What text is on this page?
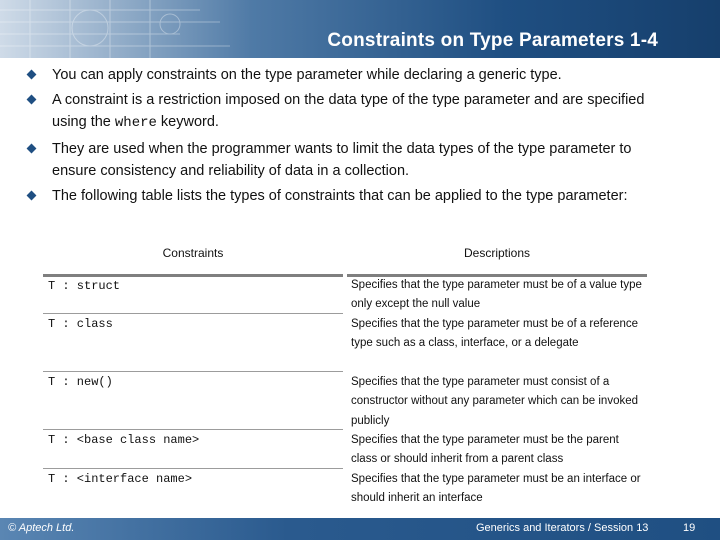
Constraints on Type Parameters 1-4
You can apply constraints on the type parameter while declaring a generic type.
A constraint is a restriction imposed on the data type of the type parameter and are specified using the where keyword.
They are used when the programmer wants to limit the data types of the type parameter to ensure consistency and reliability of data in a collection.
The following table lists the types of constraints that can be applied to the type parameter:
Constraints	Descriptions
T : struct	Specifies that the type parameter must be of a value type only except the null value
T : class	Specifies that the type parameter must be of a reference type such as a class, interface, or a delegate
T : new()	Specifies that the type parameter must consist of a constructor without any parameter which can be invoked publicly
T : <base class name>	Specifies that the type parameter must be the parent class or should inherit from a parent class
T : <interface name>	Specifies that the type parameter must be an interface or should inherit an interface
© Aptech Ltd.	Generics and Iterators / Session 13	19
